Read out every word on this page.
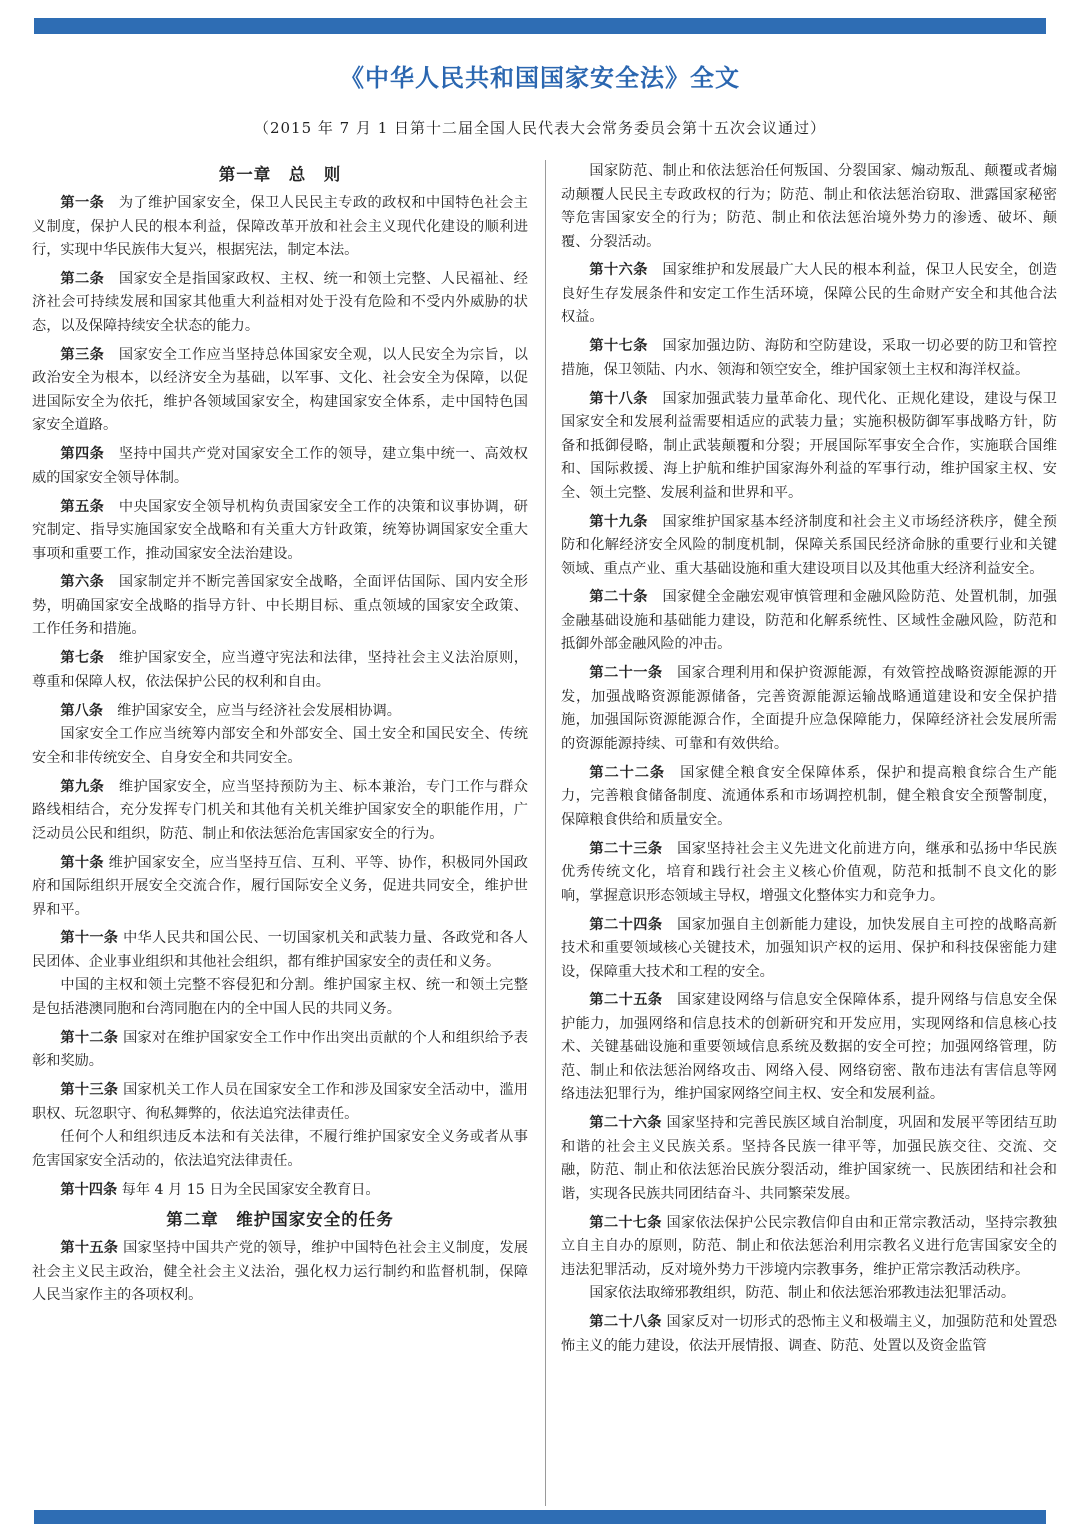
《中华人民共和国国家安全法》全文
（2015 年 7 月 1 日第十二届全国人民代表大会常务委员会第十五次会议通过）
第一章　总　则

第一条　为了维护国家安全，保卫人民民主专政的政权和中国特色社会主义制度，保护人民的根本利益，保障改革开放和社会主义现代化建设的顺利进行，实现中华民族伟大复兴，根据宪法，制定本法。

第二条　国家安全是指国家政权、主权、统一和领土完整、人民福祉、经济社会可持续发展和国家其他重大利益相对处于没有危险和不受内外威胁的状态，以及保障持续安全状态的能力。

第三条　国家安全工作应当坚持总体国家安全观，以人民安全为宗旨，以政治安全为根本，以经济安全为基础，以军事、文化、社会安全为保障，以促进国际安全为依托，维护各领域国家安全，构建国家安全体系，走中国特色国家安全道路。

第四条　坚持中国共产党对国家安全工作的领导，建立集中统一、高效权威的国家安全领导体制。

第五条　中央国家安全领导机构负责国家安全工作的决策和议事协调，研究制定、指导实施国家安全战略和有关重大方针政策，统筹协调国家安全重大事项和重要工作，推动国家安全法治建设。

第六条　国家制定并不断完善国家安全战略，全面评估国际、国内安全形势，明确国家安全战略的指导方针、中长期目标、重点领域的国家安全政策、工作任务和措施。

第七条　维护国家安全，应当遵守宪法和法律，坚持社会主义法治原则，尊重和保障人权，依法保护公民的权利和自由。

第八条　维护国家安全，应当与经济社会发展相协调。

国家安全工作应当统筹内部安全和外部安全、国土安全和国民安全、传统安全和非传统安全、自身安全和共同安全。

第九条　维护国家安全，应当坚持预防为主、标本兼治，专门工作与群众路线相结合，充分发挥专门机关和其他有关机关维护国家安全的职能作用，广泛动员公民和组织，防范、制止和依法惩治危害国家安全的行为。

第十条 维护国家安全，应当坚持互信、互利、平等、协作，积极同外国政府和国际组织开展安全交流合作，履行国际安全义务，促进共同安全，维护世界和平。

第十一条 中华人民共和国公民、一切国家机关和武装力量、各政党和各人民团体、企业事业组织和其他社会组织，都有维护国家安全的责任和义务。

中国的主权和领土完整不容侵犯和分割。维护国家主权、统一和领土完整是包括港澳同胞和台湾同胞在内的全中国人民的共同义务。

第十二条 国家对在维护国家安全工作中作出突出贡献的个人和组织给予表彰和奖励。

第十三条 国家机关工作人员在国家安全工作和涉及国家安全活动中，滥用职权、玩忽职守、徇私舞弊的，依法追究法律责任。

任何个人和组织违反本法和有关法律，不履行维护国家安全义务或者从事危害国家安全活动的，依法追究法律责任。

第十四条 每年 4 月 15 日为全民国家安全教育日。

第二章　维护国家安全的任务

第十五条 国家坚持中国共产党的领导，维护中国特色社会主义制度，发展社会主义民主政治，健全社会主义法治，强化权力运行制约和监督机制，保障人民当家作主的各项权利。

国家防范、制止和依法惩治任何叛国、分裂国家、煽动叛乱、颠覆或者煽动颠覆人民民主专政政权的行为；防范、制止和依法惩治窃取、泄露国家秘密等危害国家安全的行为；防范、制止和依法惩治境外势力的渗透、破坏、颠覆、分裂活动。

第十六条　国家维护和发展最广大人民的根本利益，保卫人民安全，创造良好生存发展条件和安定工作生活环境，保障公民的生命财产安全和其他合法权益。

第十七条　国家加强边防、海防和空防建设，采取一切必要的防卫和管控措施，保卫领陆、内水、领海和领空安全，维护国家领土主权和海洋权益。

第十八条　国家加强武装力量革命化、现代化、正规化建设，建设与保卫国家安全和发展利益需要相适应的武装力量；实施积极防御军事战略方针，防备和抵御侵略，制止武装颠覆和分裂；开展国际军事安全合作，实施联合国维和、国际救援、海上护航和维护国家海外利益的军事行动，维护国家主权、安全、领土完整、发展利益和世界和平。

第十九条　国家维护国家基本经济制度和社会主义市场经济秩序，健全预防和化解经济安全风险的制度机制，保障关系国民经济命脉的重要行业和关键领域、重点产业、重大基础设施和重大建设项目以及其他重大经济利益安全。

第二十条　国家健全金融宏观审慎管理和金融风险防范、处置机制，加强金融基础设施和基础能力建设，防范和化解系统性、区域性金融风险，防范和抵御外部金融风险的冲击。

第二十一条　国家合理利用和保护资源能源，有效管控战略资源能源的开发，加强战略资源能源储备，完善资源能源运输战略通道建设和安全保护措施，加强国际资源能源合作，全面提升应急保障能力，保障经济社会发展所需的资源能源持续、可靠和有效供给。

第二十二条　国家健全粮食安全保障体系，保护和提高粮食综合生产能力，完善粮食储备制度、流通体系和市场调控机制，健全粮食安全预警制度，保障粮食供给和质量安全。

第二十三条　国家坚持社会主义先进文化前进方向，继承和弘扬中华民族优秀传统文化，培育和践行社会主义核心价值观，防范和抵制不良文化的影响，掌握意识形态领域主导权，增强文化整体实力和竞争力。

第二十四条　国家加强自主创新能力建设，加快发展自主可控的战略高新技术和重要领域核心关键技术，加强知识产权的运用、保护和科技保密能力建设，保障重大技术和工程的安全。

第二十五条　国家建设网络与信息安全保障体系，提升网络与信息安全保护能力，加强网络和信息技术的创新研究和开发应用，实现网络和信息核心技术、关键基础设施和重要领域信息系统及数据的安全可控；加强网络管理，防范、制止和依法惩治网络攻击、网络入侵、网络窃密、散布违法有害信息等网络违法犯罪行为，维护国家网络空间主权、安全和发展利益。

第二十六条 国家坚持和完善民族区域自治制度，巩固和发展平等团结互助和谐的社会主义民族关系。坚持各民族一律平等，加强民族交往、交流、交融，防范、制止和依法惩治民族分裂活动，维护国家统一、民族团结和社会和谐，实现各民族共同团结奋斗、共同繁荣发展。

第二十七条 国家依法保护公民宗教信仰自由和正常宗教活动，坚持宗教独立自主自办的原则，防范、制止和依法惩治利用宗教名义进行危害国家安全的违法犯罪活动，反对境外势力干涉境内宗教事务，维护正常宗教活动秩序。

国家依法取缔邪教组织，防范、制止和依法惩治邪教违法犯罪活动。

第二十八条 国家反对一切形式的恐怖主义和极端主义，加强防范和处置恐怖主义的能力建设，依法开展情报、调查、防范、处置以及资金监管
